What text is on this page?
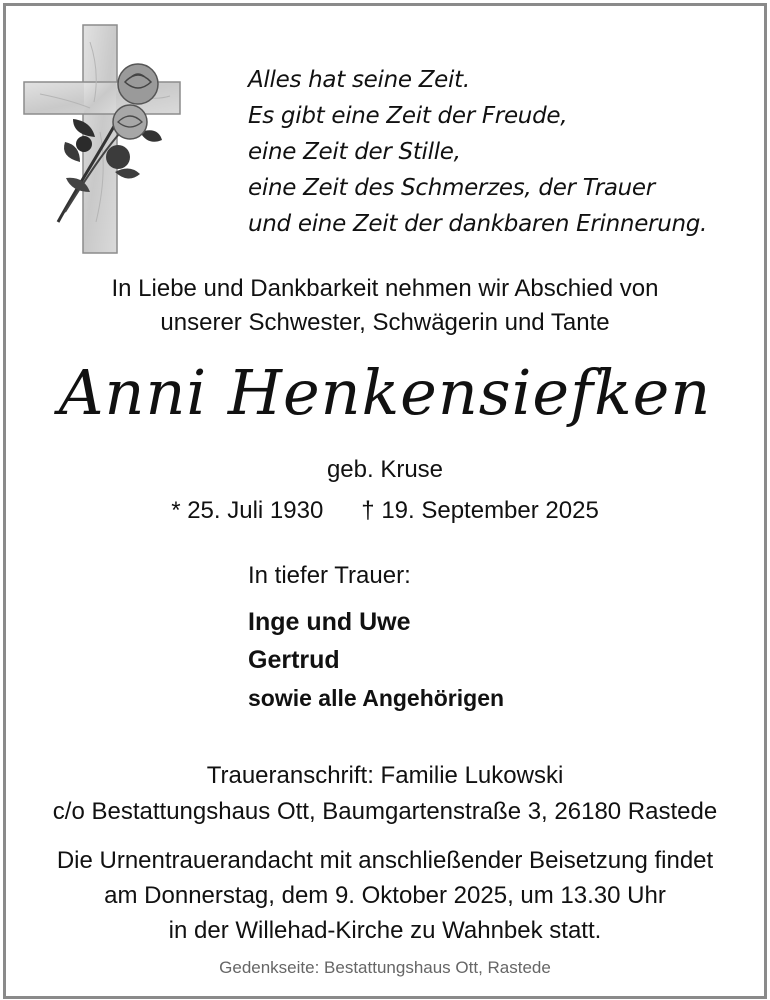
Alles hat seine Zeit.
Es gibt eine Zeit der Freude,
eine Zeit der Stille,
eine Zeit des Schmerzes, der Trauer
und eine Zeit der dankbaren Erinnerung.
In Liebe und Dankbarkeit nehmen wir Abschied von
unserer Schwester, Schwägerin und Tante
Anni Henkensiefken
geb. Kruse
* 25. Juli 1930 † 19. September 2025
In tiefer Trauer:
Inge und Uwe
Gertrud
sowie alle Angehörigen
Traueranschrift: Familie Lukowski
c/o Bestattungshaus Ott, Baumgartenstraße 3, 26180 Rastede
Die Urnentrauerandacht mit anschließender Beisetzung findet
am Donnerstag, dem 9. Oktober 2025, um 13.30 Uhr
in der Willehad-Kirche zu Wahnbek statt.
Gedenkseite: Bestattungshaus Ott, Rastede
